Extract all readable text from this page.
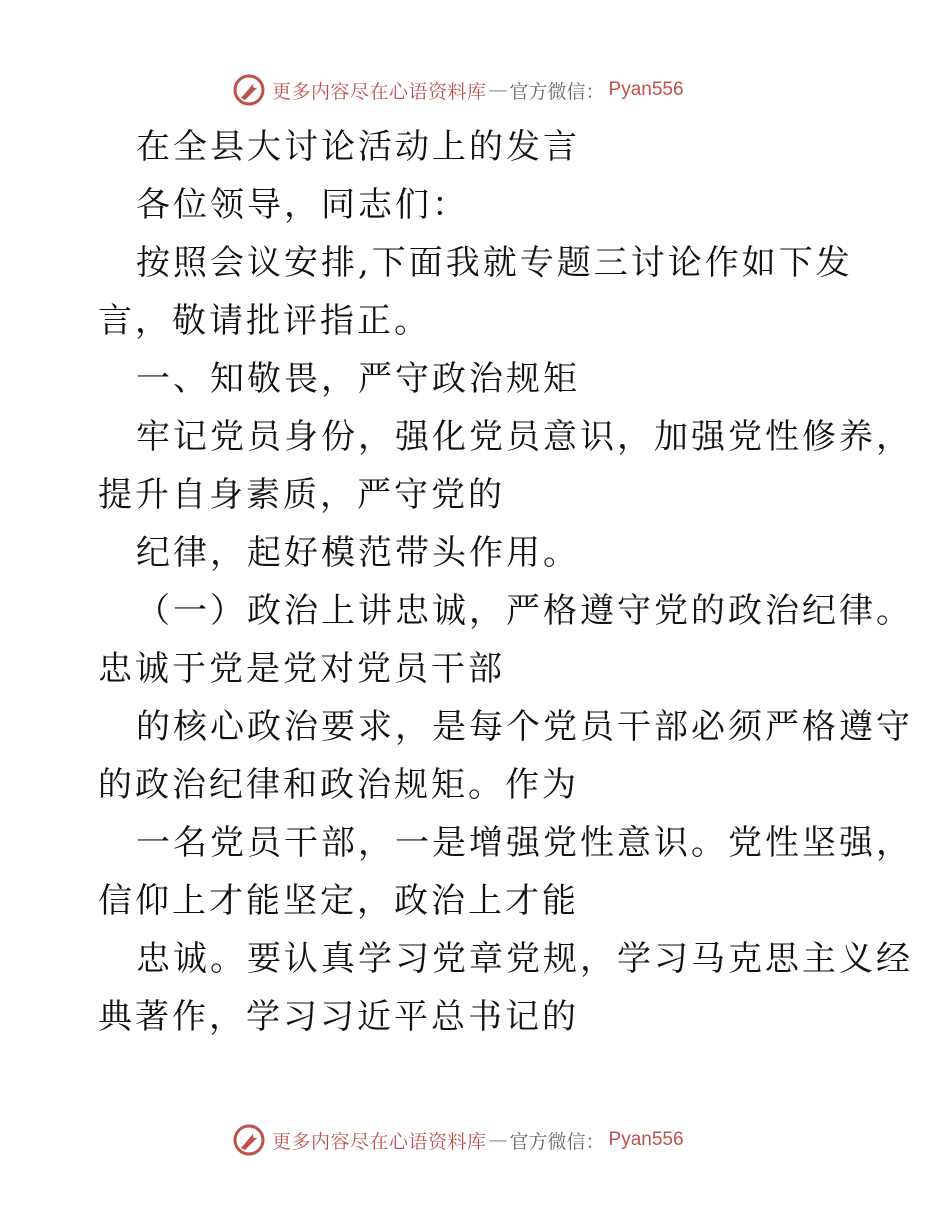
更多内容尽在心语资料库 — 官方微信 ： Pyan556
在全县大讨论活动上的发言
各位领导，同志们：
按照会议安排,下面我就专题三讨论作如下发
言，敬请批评指正。
一、知敬畏，严守政治规矩
牢记党员身份，强化党员意识，加强党性修养，
提升自身素质，严守党的
纪律，起好模范带头作用。
（一）政治上讲忠诚，严格遵守党的政治纪律。
忠诚于党是党对党员干部
的核心政治要求，是每个党员干部必须严格遵守
的政治纪律和政治规矩。作为
一名党员干部，一是增强党性意识。党性坚强，
信仰上才能坚定，政治上才能
忠诚。要认真学习党章党规，学习马克思主义经
典著作，学习习近平总书记的
更多内容尽在心语资料库 — 官方微信 ： Pyan556
